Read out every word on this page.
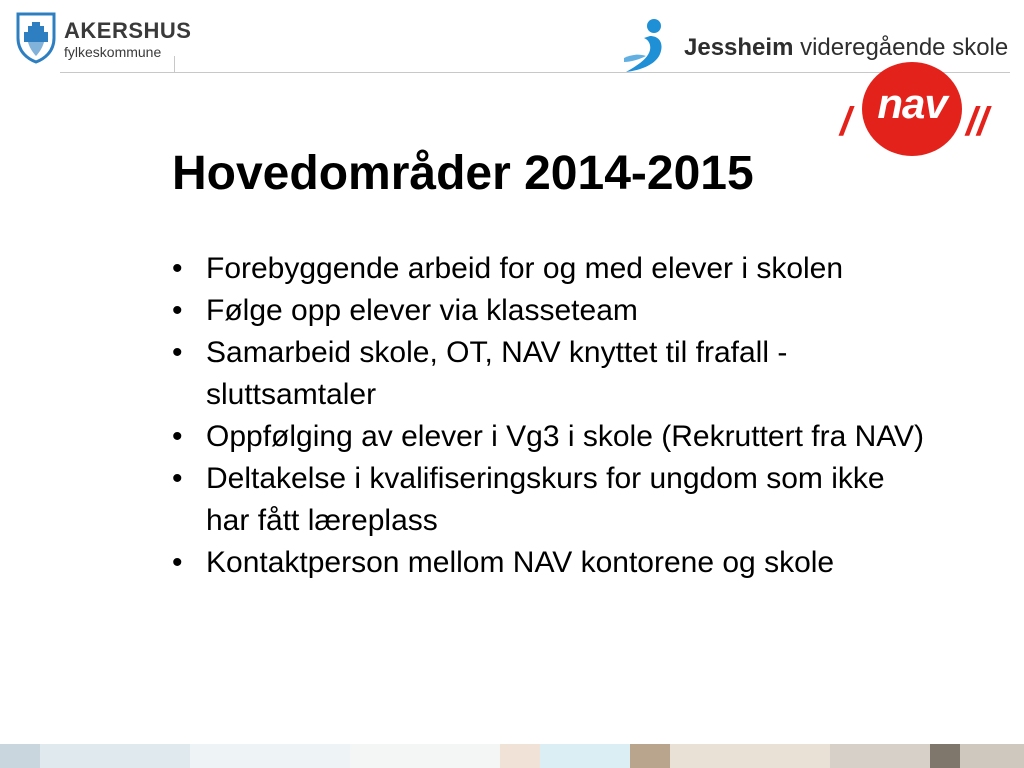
AKERSHUS
fylkeskommune	Jessheim videregående skole
/ nav //
Hovedområder 2014-2015
• Forebyggende arbeid for og med elever i skolen
• Følge opp elever via klasseteam
• Samarbeid skole, OT, NAV knyttet til frafall - sluttsamtaler
• Oppfølging av elever i Vg3 i skole (Rekruttert fra NAV)
• Deltakelse i kvalifiseringskurs for ungdom som ikke har fått læreplass
• Kontaktperson mellom NAV kontorene og skole
